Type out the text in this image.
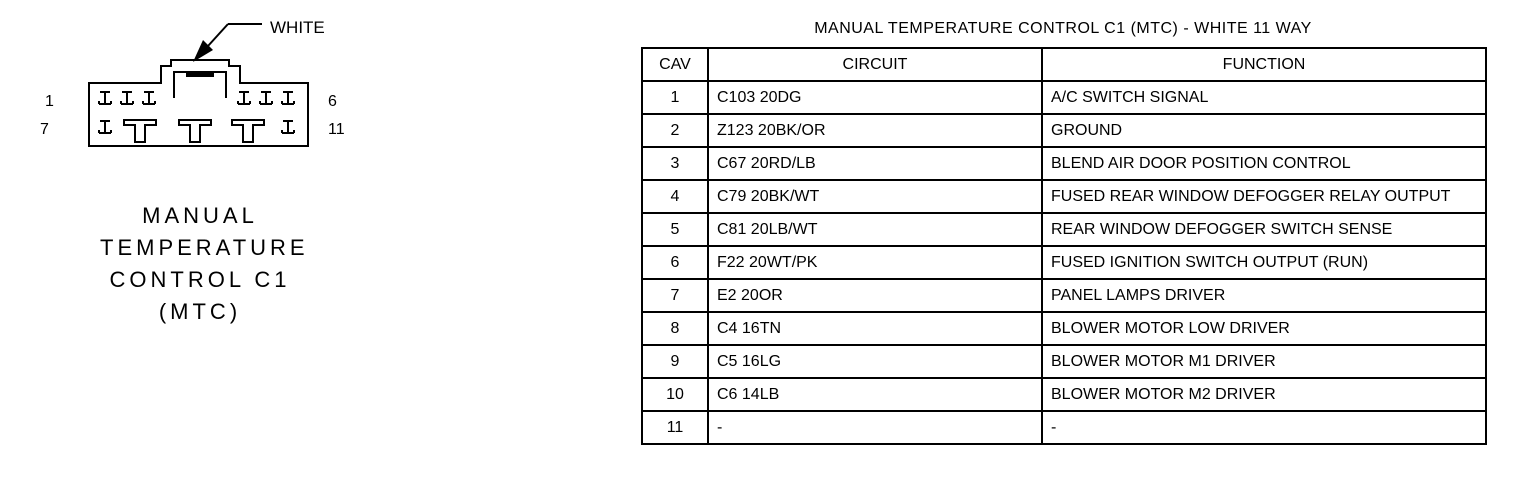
WHITE
1
7
6
11
MANUAL
TEMPERATURE
CONTROL C1
(MTC)
MANUAL TEMPERATURE CONTROL C1 (MTC) - WHITE 11 WAY
CAV	CIRCUIT	FUNCTION
1	C103 20DG	A/C SWITCH SIGNAL
2	Z123 20BK/OR	GROUND
3	C67 20RD/LB	BLEND AIR DOOR POSITION CONTROL
4	C79 20BK/WT	FUSED REAR WINDOW DEFOGGER RELAY OUTPUT
5	C81 20LB/WT	REAR WINDOW DEFOGGER SWITCH SENSE
6	F22 20WT/PK	FUSED IGNITION SWITCH OUTPUT (RUN)
7	E2 20OR	PANEL LAMPS DRIVER
8	C4 16TN	BLOWER MOTOR LOW DRIVER
9	C5 16LG	BLOWER MOTOR M1 DRIVER
10	C6 14LB	BLOWER MOTOR M2 DRIVER
11	-	-
